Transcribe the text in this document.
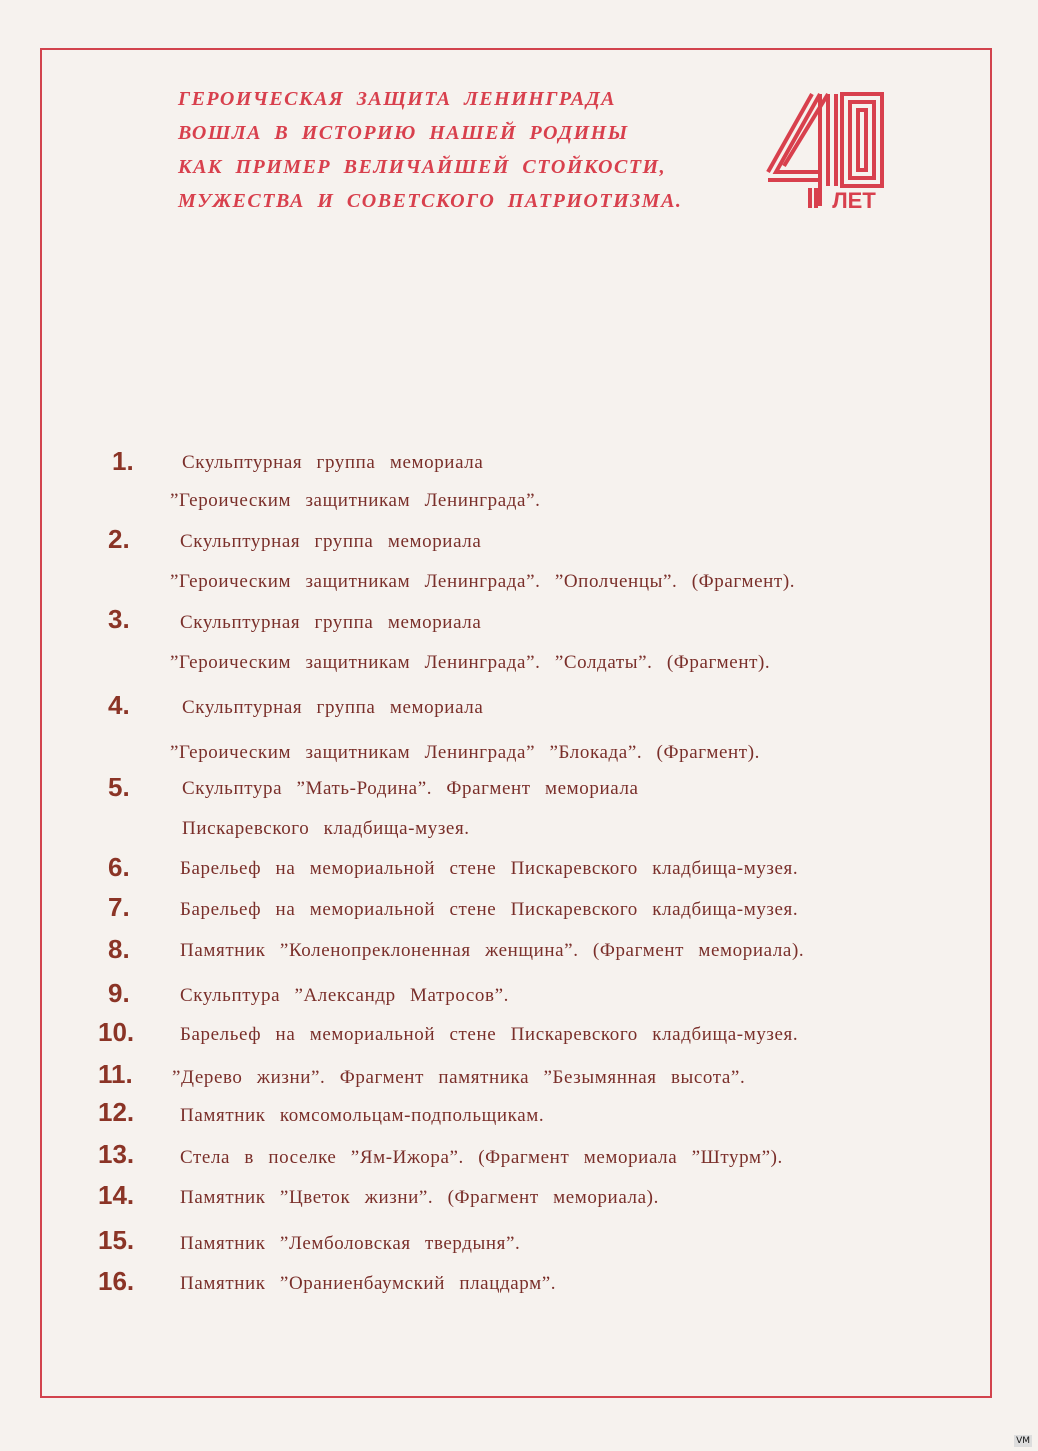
ГЕРОИЧЕСКАЯ ЗАЩИТА ЛЕНИНГРАДА
ВОШЛА В ИСТОРИЮ НАШЕЙ РОДИНЫ
КАК ПРИМЕР ВЕЛИЧАЙШЕЙ СТОЙКОСТИ,
МУЖЕСТВА И СОВЕТСКОГО ПАТРИОТИЗМА.	ЛЕТ
1.	Скульптурная группа мемориала
”Героическим защитникам Ленинграда”.
2.	Скульптурная группа мемориала
”Героическим защитникам Ленинграда”. ”Ополченцы”. (Фрагмент).
3.	Скульптурная группа мемориала
”Героическим защитникам Ленинграда”. ”Солдаты”. (Фрагмент).
4.	Скульптурная группа мемориала
”Героическим защитникам Ленинграда” ”Блокада”. (Фрагмент).
5.	Скульптура ”Мать-Родина”. Фрагмент мемориала
Пискаревского кладбища-музея.
6.	Барельеф на мемориальной стене Пискаревского кладбища-музея.
7.	Барельеф на мемориальной стене Пискаревского кладбища-музея.
8.	Памятник ”Коленопреклоненная женщина”. (Фрагмент мемориала).
9.	Скульптура ”Александр Матросов”.
10. Барельеф на мемориальной стене Пискаревского кладбища-музея.
11. ”Дерево жизни”. Фрагмент памятника ”Безымянная высота”.
12. Памятник комсомольцам-подпольщикам.
13. Стела в поселке ”Ям-Ижора”. (Фрагмент мемориала ”Штурм”).
14. Памятник ”Цветок жизни”. (Фрагмент мемориала).
15. Памятник ”Лемболовская твердыня”.
16. Памятник ”Ораниенбаумский плацдарм”.
VM
